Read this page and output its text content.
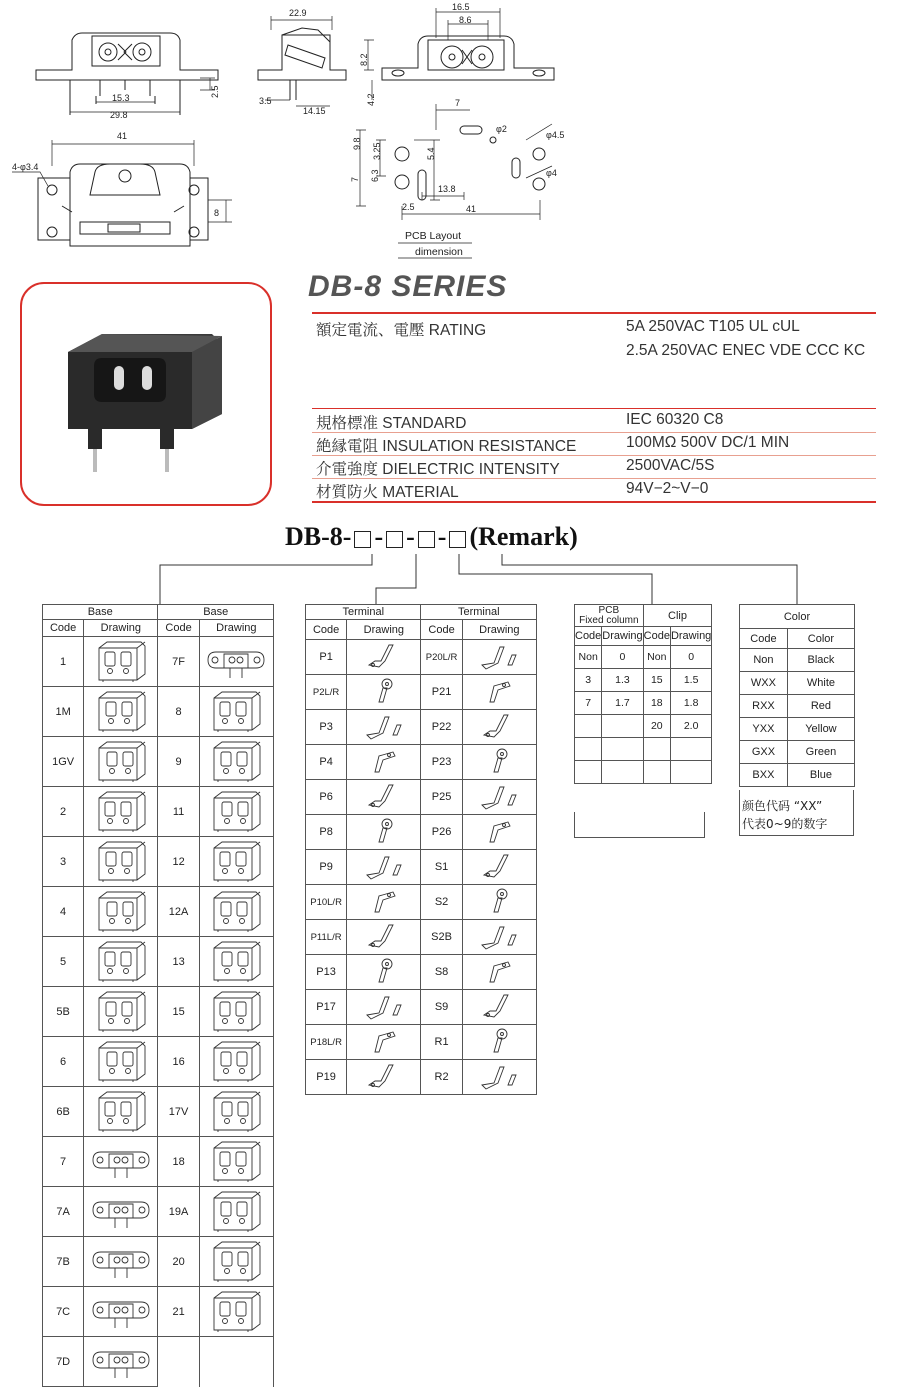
22.9
15.3
29.8
2.5
3.5
14.15
16.5
8.6
8.2
4.2
41
4-φ3.4
8
9.8 3.25	5.4
6.3
7
13.8
2.5	41
7
φ2
φ4.5
φ4
PCB Layout
dimension
DB-8 SERIES
額定電流、電壓 RATING	5A 250VAC T105 UL cUL
2.5A 250VAC ENEC VDE CCC KC
規格標准 STANDARD	IEC 60320 C8
絶縁電阻 INSULATION RESISTANCE	100MΩ 500V DC/1 MIN
介電強度 DIELECTRIC INTENSITY	2500VAC/5S
材質防火 MATERIAL	94V−2~V−0
DB-8- - - - (Remark)
Base		Base	
Code	Drawing	Code	Drawing
1		7F	
1M		8	
1GV		9	
2		11	
3		12	
4		12A	
5		13	
5B		15	
6		16	
6B		17V	
7		18	
7A		19A	
7B		20	
7C		21	
7D			
Terminal		Terminal	
Code	Drawing	Code	Drawing
P1		P20L/R	
P2L/R		P21	
P3		P22	
P4		P23	
P6		P25	
P8		P26	
P9		S1	
P10L/R		S2	
P11L/R		S2B	
P13		S8	
P17		S9	
P18L/R		R1	
P19		R2	
PCB
Fixed column		Clip	
Code	Drawing	Code	Drawing
Non	0	Non	0
3	1.3	15	1.5
7	1.7	18	1.8
		20	2.0

Color	
Code	Color
Non	Black
WXX	White
RXX	Red
YXX	Yellow
GXX	Green
BXX	Blue
颜色代码 “XX”
代表0~9的数字
